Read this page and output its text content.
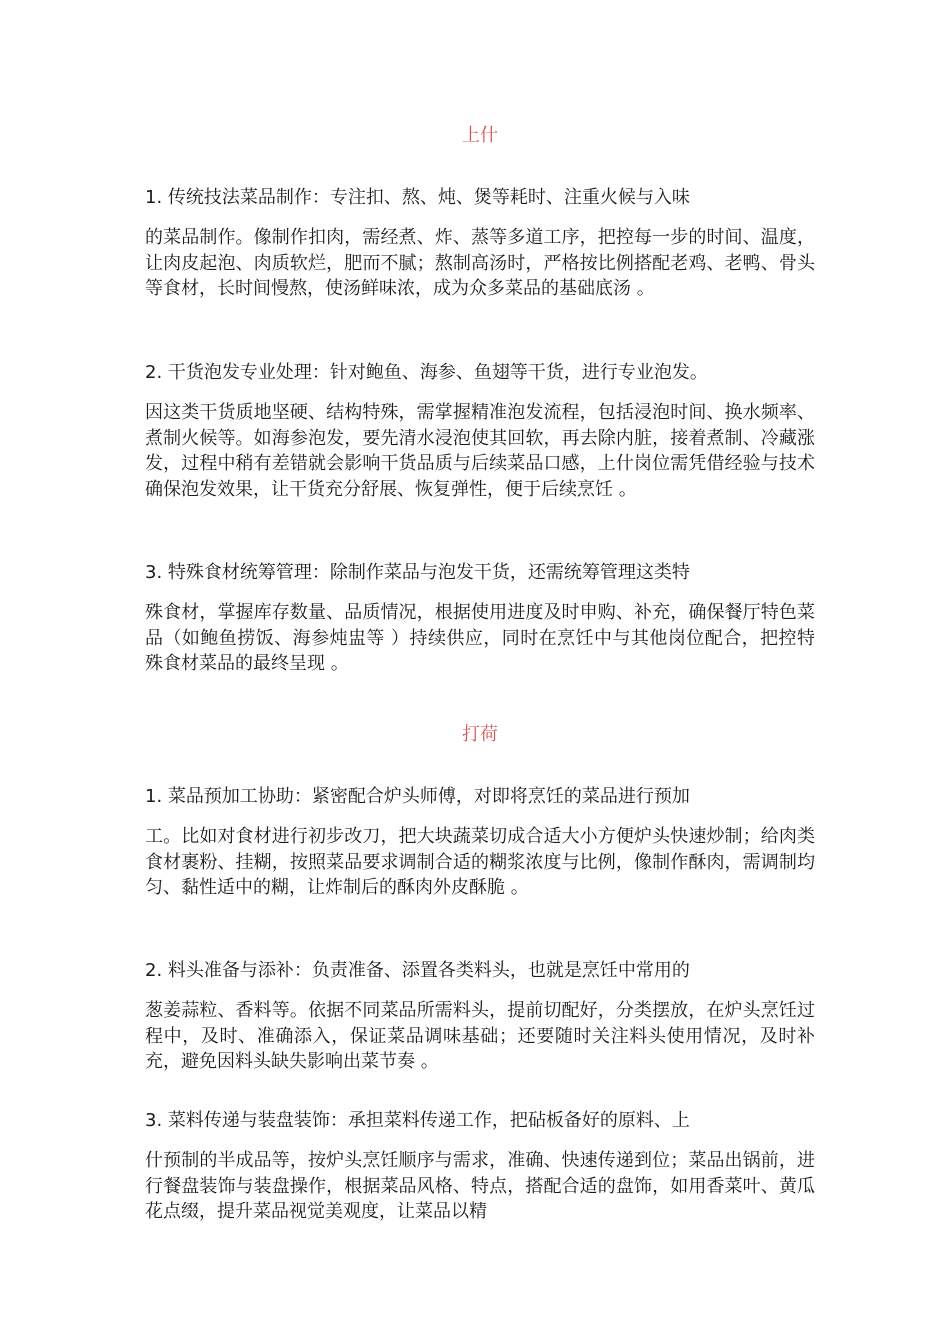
上什

1. 传统技法菜品制作：专注扣、熬、炖、煲等耗时、注重火候与入味

的菜品制作。像制作扣肉，需经煮、炸、蒸等多道工序，把控每一步的时间、温度，让肉皮起泡、肉质软烂，肥而不腻；熬制高汤时，严格按比例搭配老鸡、老鸭、骨头等食材，长时间慢熬，使汤鲜味浓，成为众多菜品的基础底汤 。

2. 干货泡发专业处理：针对鲍鱼、海参、鱼翅等干货，进行专业泡发。

因这类干货质地坚硬、结构特殊，需掌握精准泡发流程，包括浸泡时间、换水频率、煮制火候等。如海参泡发，要先清水浸泡使其回软，再去除内脏，接着煮制、冷藏涨发，过程中稍有差错就会影响干货品质与后续菜品口感，上什岗位需凭借经验与技术确保泡发效果，让干货充分舒展、恢复弹性，便于后续烹饪 。

3. 特殊食材统筹管理：除制作菜品与泡发干货，还需统筹管理这类特

殊食材，掌握库存数量、品质情况，根据使用进度及时申购、补充，确保餐厅特色菜品（如鲍鱼捞饭、海参炖盅等 ）持续供应，同时在烹饪中与其他岗位配合，把控特殊食材菜品的最终呈现 。

打荷

1. 菜品预加工协助：紧密配合炉头师傅，对即将烹饪的菜品进行预加

工。比如对食材进行初步改刀，把大块蔬菜切成合适大小方便炉头快速炒制；给肉类食材裹粉、挂糊，按照菜品要求调制合适的糊浆浓度与比例，像制作酥肉，需调制均匀、黏性适中的糊，让炸制后的酥肉外皮酥脆 。

2. 料头准备与添补：负责准备、添置各类料头，也就是烹饪中常用的

葱姜蒜粒、香料等。依据不同菜品所需料头，提前切配好，分类摆放，在炉头烹饪过程中，及时、准确添入，保证菜品调味基础；还要随时关注料头使用情况，及时补充，避免因料头缺失影响出菜节奏 。

3. 菜料传递与装盘装饰：承担菜料传递工作，把砧板备好的原料、上

什预制的半成品等，按炉头烹饪顺序与需求，准确、快速传递到位；菜品出锅前，进行餐盘装饰与装盘操作，根据菜品风格、特点，搭配合适的盘饰，如用香菜叶、黄瓜花点缀，提升菜品视觉美观度，让菜品以精
